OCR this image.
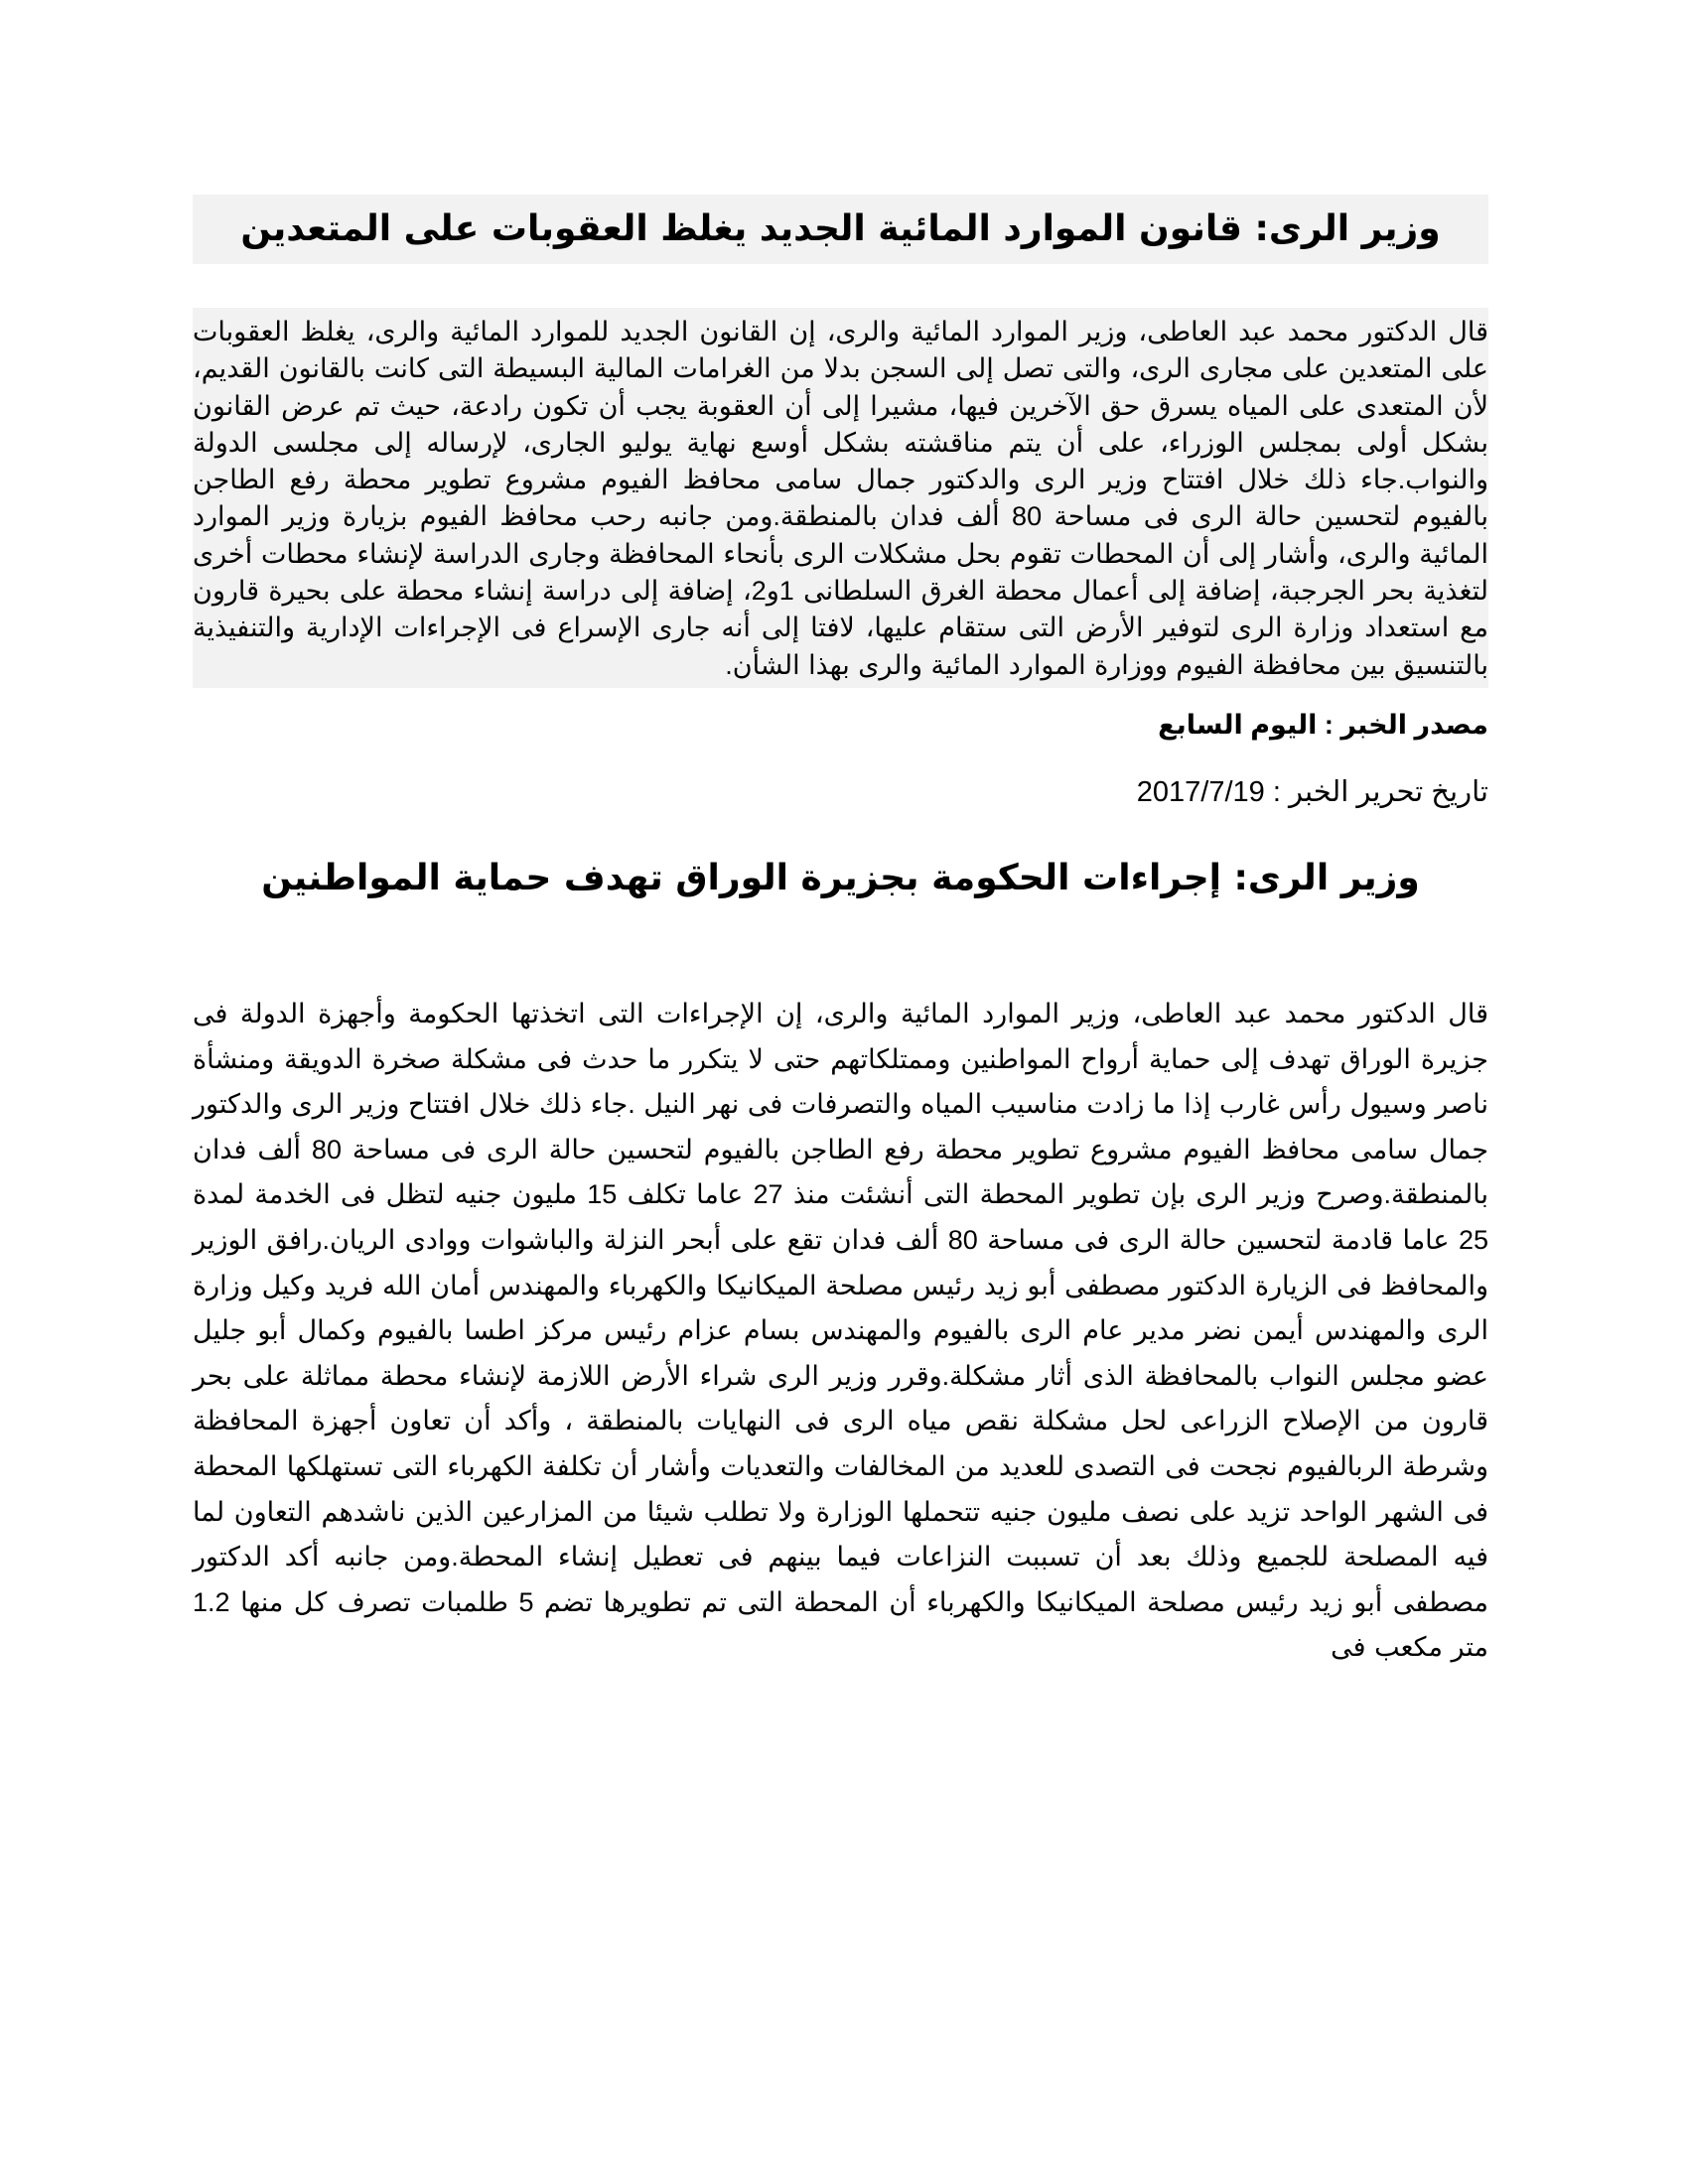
وزير الرى: قانون الموارد المائية الجديد يغلظ العقوبات على المتعدين

قال الدكتور محمد عبد العاطى، وزير الموارد المائية والرى، إن القانون الجديد للموارد المائية والرى، يغلظ العقوبات على المتعدين على مجارى الرى، والتى تصل إلى السجن بدلا من الغرامات المالية البسيطة التى كانت بالقانون القديم، لأن المتعدى على المياه يسرق حق الآخرين فيها، مشيرا إلى أن العقوبة يجب أن تكون رادعة، حيث تم عرض القانون بشكل أولى بمجلس الوزراء، على أن يتم مناقشته بشكل أوسع نهاية يوليو الجارى، لإرساله إلى مجلسى الدولة والنواب.جاء ذلك خلال افتتاح وزير الرى والدكتور جمال سامى محافظ الفيوم مشروع تطوير محطة رفع الطاجن بالفيوم لتحسين حالة الرى فى مساحة 80 ألف فدان بالمنطقة.ومن جانبه رحب محافظ الفيوم بزيارة وزير الموارد المائية والرى، وأشار إلى أن المحطات تقوم بحل مشكلات الرى بأنحاء المحافظة وجارى الدراسة لإنشاء محطات أخرى لتغذية بحر الجرجبة، إضافة إلى أعمال محطة الغرق السلطانى 1و2، إضافة إلى دراسة إنشاء محطة على بحيرة قارون مع استعداد وزارة الرى لتوفير الأرض التى ستقام عليها، لافتا إلى أنه جارى الإسراع فى الإجراءات الإدارية والتنفيذية بالتنسيق بين محافظة الفيوم ووزارة الموارد المائية والرى بهذا الشأن.

مصدر الخبر : اليوم السابع

تاريخ تحرير الخبر : 2017/7/19

وزير الرى: إجراءات الحكومة بجزيرة الوراق تهدف حماية المواطنين

قال الدكتور محمد عبد العاطى، وزير الموارد المائية والرى، إن الإجراءات التى اتخذتها الحكومة وأجهزة الدولة فى جزيرة الوراق تهدف إلى حماية أرواح المواطنين وممتلكاتهم حتى لا يتكرر ما حدث فى مشكلة صخرة الدويقة ومنشأة ناصر وسيول رأس غارب إذا ما زادت مناسيب المياه والتصرفات فى نهر النيل .جاء ذلك خلال افتتاح وزير الرى والدكتور جمال سامى محافظ الفيوم مشروع تطوير محطة رفع الطاجن بالفيوم لتحسين حالة الرى فى مساحة 80 ألف فدان بالمنطقة.وصرح وزير الرى بإن تطوير المحطة التى أنشئت منذ 27 عاما تكلف 15 مليون جنيه لتظل فى الخدمة لمدة 25 عاما قادمة لتحسين حالة الرى فى مساحة 80 ألف فدان تقع على أبحر النزلة والباشوات ووادى الريان.رافق الوزير والمحافظ فى الزيارة الدكتور مصطفى أبو زيد رئيس مصلحة الميكانيكا والكهرباء والمهندس أمان الله فريد وكيل وزارة الرى والمهندس أيمن نضر مدير عام الرى بالفيوم والمهندس بسام عزام رئيس مركز اطسا بالفيوم وكمال أبو جليل عضو مجلس النواب بالمحافظة الذى أثار مشكلة.وقرر وزير الرى شراء الأرض اللازمة لإنشاء محطة مماثلة على بحر قارون من الإصلاح الزراعى لحل مشكلة نقص مياه الرى فى النهايات بالمنطقة ، وأكد أن تعاون أجهزة المحافظة وشرطة الربالفيوم نجحت فى التصدى للعديد من المخالفات والتعديات وأشار أن تكلفة الكهرباء التى تستهلكها المحطة فى الشهر الواحد تزيد على نصف مليون جنيه تتحملها الوزارة ولا تطلب شيئا من المزارعين الذين ناشدهم التعاون لما فيه المصلحة للجميع وذلك بعد أن تسببت النزاعات فيما بينهم فى تعطيل إنشاء المحطة.ومن جانبه أكد الدكتور مصطفى أبو زيد رئيس مصلحة الميكانيكا والكهرباء أن المحطة التى تم تطويرها تضم 5 طلمبات تصرف كل منها 1.2 متر مكعب فى
